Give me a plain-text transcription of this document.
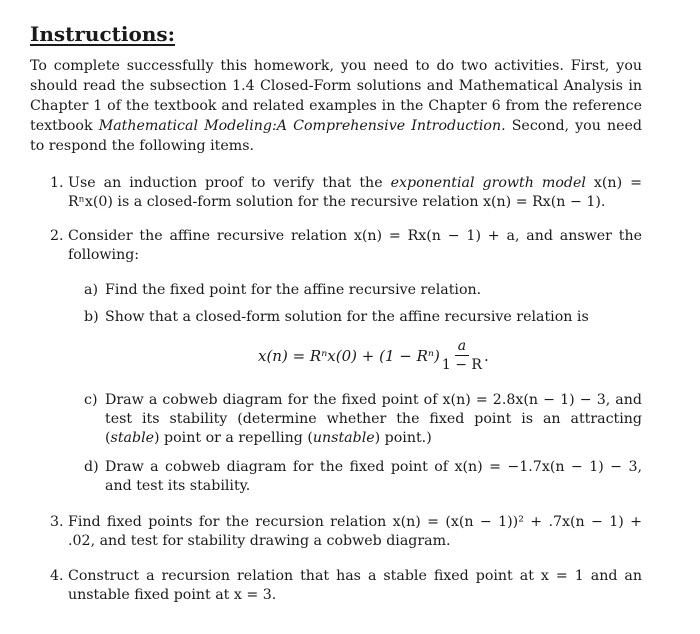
Instructions:
To complete successfully this homework, you need to do two activities. First, you should read the subsection 1.4 Closed-Form solutions and Mathematical Analysis in Chapter 1 of the textbook and related examples in the Chapter 6 from the reference textbook Mathematical Modeling:A Comprehensive Introduction. Second, you need to respond the following items.
1. Use an induction proof to verify that the exponential growth model x(n) = Rⁿx(0) is a closed-form solution for the recursive relation x(n) = Rx(n − 1).
2. Consider the affine recursive relation x(n) = Rx(n − 1) + a, and answer the following:
a) Find the fixed point for the affine recursive relation.
b) Show that a closed-form solution for the affine recursive relation is
$x(n) = R^nx(0) + (1 - R^n) \frac{a}{1 - R}$ .
c) Draw a cobweb diagram for the fixed point of x(n) = 2.8x(n − 1) − 3, and test its stability (determine whether the fixed point is an attracting (stable) point or a repelling (unstable) point.)
d) Draw a cobweb diagram for the fixed point of x(n) = −1.7x(n − 1) − 3, and test its stability.
3. Find fixed points for the recursion relation x(n) = (x(n − 1))² + .7x(n − 1) + .02, and test for stability drawing a cobweb diagram.
4. Construct a recursion relation that has a stable fixed point at x = 1 and an unstable fixed point at x = 3.
